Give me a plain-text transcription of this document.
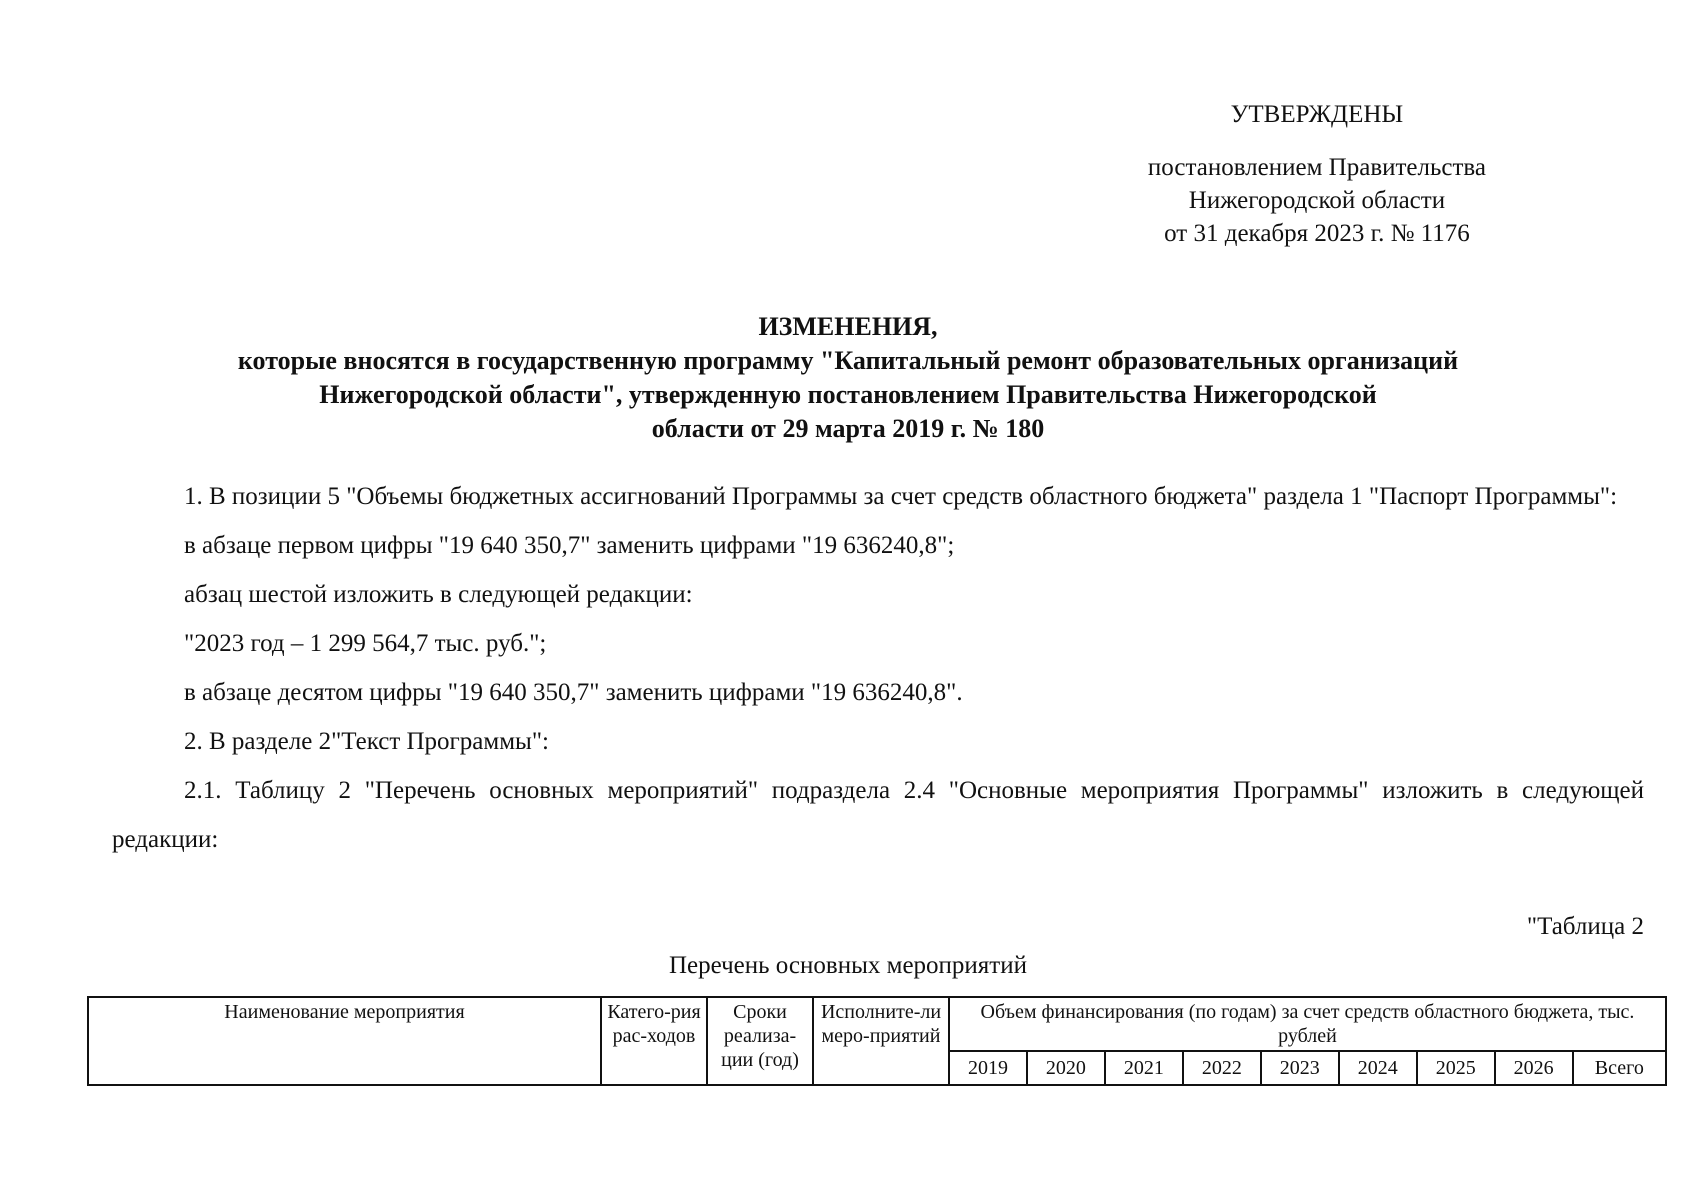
УТВЕРЖДЕНЫ
постановлением Правительства
Нижегородской области
от 31 декабря 2023 г. № 1176
ИЗМЕНЕНИЯ,
которые вносятся в государственную программу "Капитальный ремонт образовательных организаций
Нижегородской области", утвержденную постановлением Правительства Нижегородской
области от 29 марта 2019 г. № 180
1. В позиции 5 "Объемы бюджетных ассигнований Программы за счет средств областного бюджета" раздела 1 "Паспорт Программы":
в абзаце первом цифры "19 640 350,7" заменить цифрами "19 636240,8";
абзац шестой изложить в следующей редакции:
"2023 год – 1 299 564,7 тыс. руб.";
в абзаце десятом цифры "19 640 350,7" заменить цифрами "19 636240,8".
2. В разделе 2"Текст Программы":
2.1. Таблицу 2 "Перечень основных мероприятий" подраздела 2.4 "Основные мероприятия Программы" изложить в следующей редакции:
"Таблица 2
Перечень основных мероприятий
Наименование мероприятия	Катего-рия рас-ходов	Сроки реализа-ции (год)	Исполните-ли меро-приятий	Объем финансирования (по годам) за счет средств областного бюджета, тыс. рублей								
				2019	2020	2021	2022	2023	2024	2025	2026	Всего
